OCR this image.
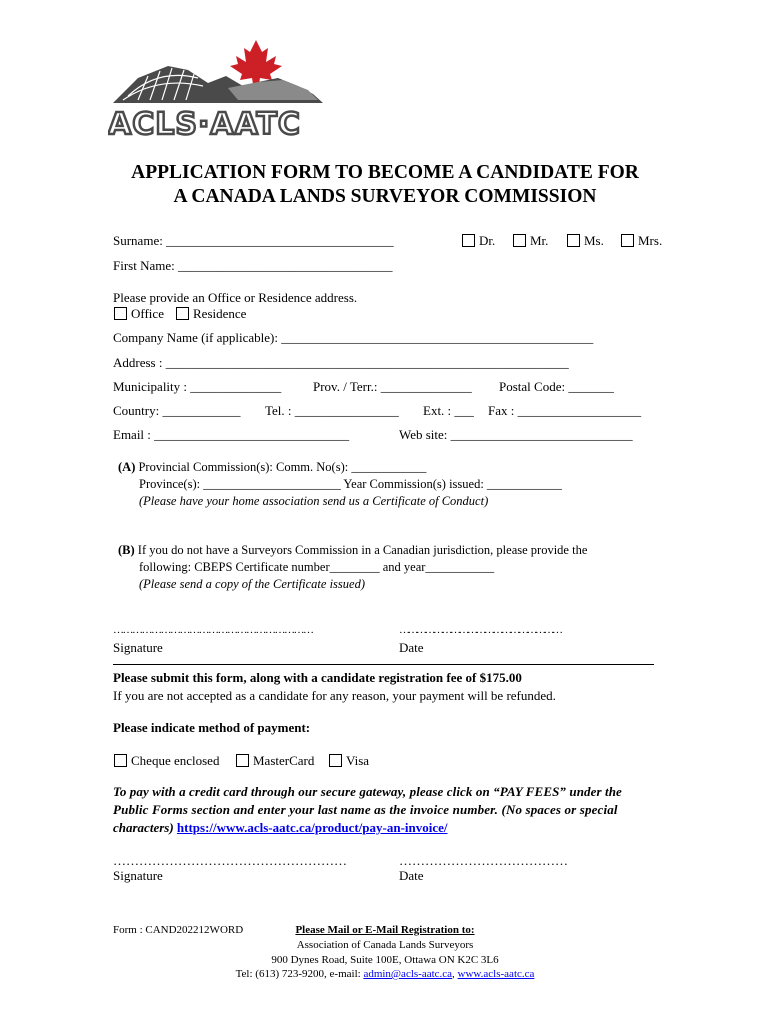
ACLS·AATC
APPLICATION FORM TO BECOME A CANDIDATE FOR
A CANADA LANDS SURVEYOR COMMISSION
Surname: ___________________________________	Dr.	Mr.	Ms.	Mrs.
First Name: _________________________________
Please provide an Office or Residence address.
Office	Residence
Company Name (if applicable): ________________________________________________
Address : ______________________________________________________________
Municipality : ______________ Prov. / Terr.: ______________ Postal Code: _______
Country: ____________ Tel. : ________________ Ext. : ___ Fax : ___________________
Email : ______________________________	Web site: ____________________________
(A) Provincial Commission(s): Comm. No(s): ____________
Province(s): ______________________ Year Commission(s) issued: ____________
(Please have your home association send us a Certificate of Conduct)
(B) If you do not have a Surveyors Commission in a Canadian jurisdiction, please provide the
following: CBEPS Certificate number________ and year___________
(Please send a copy of the Certificate issued)
………………………………………………………	…………………………………………………
Signature	Date
Please submit this form, along with a candidate registration fee of $175.00
If you are not accepted as a candidate for any reason, your payment will be refunded.
Please indicate method of payment:
Cheque enclosed	MasterCard	Visa
To pay with a credit card through our secure gateway, please click on “PAY FEES” under the
Public Forms section and enter your last name as the invoice number. (No spaces or special
characters) https://www.acls-aatc.ca/product/pay-an-invoice/
………………………………………………	…………………………………
Signature	Date
Form : CAND202212WORD	Please Mail or E-Mail Registration to:
Association of Canada Lands Surveyors
900 Dynes Road, Suite 100E, Ottawa ON K2C 3L6
Tel: (613) 723-9200, e-mail: admin@acls-aatc.ca, www.acls-aatc.ca
